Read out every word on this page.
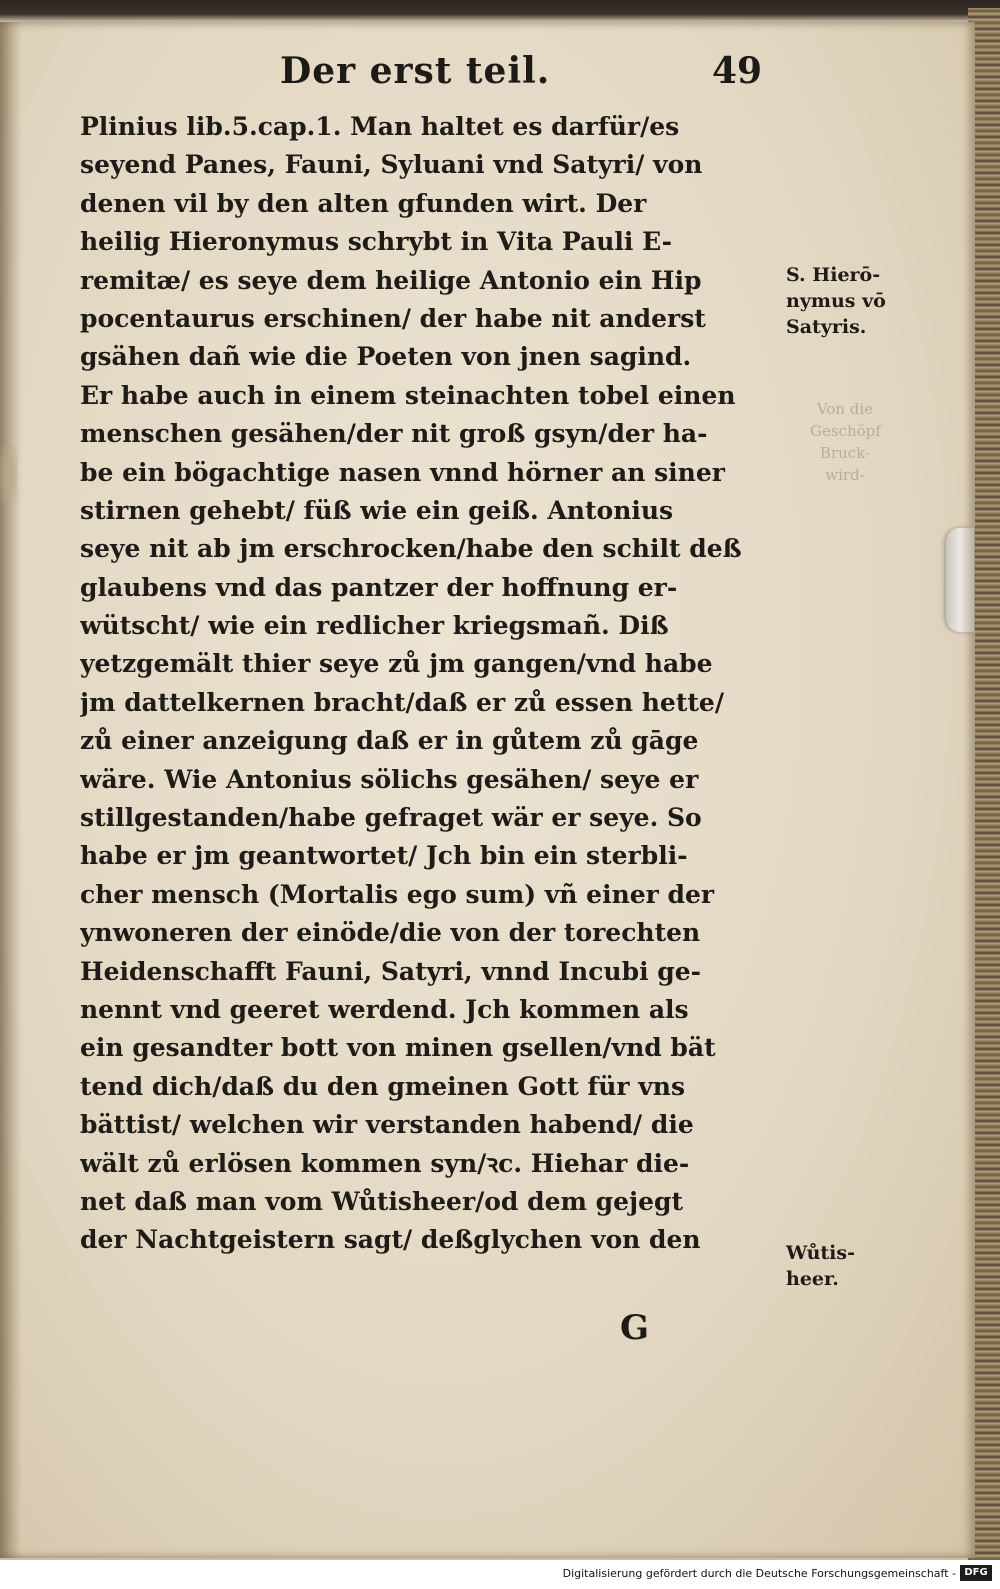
Der erst teil.	49
Plinius lib.5.cap.1. Man haltet es darfür/es
seyend Panes, Fauni, Syluani vnd Satyri/ von
denen vil by den alten gfunden wirt. Der
heilig Hieronymus schrybt in Vita Pauli E-
remitæ/ es seye dem heilige Antonio ein Hip
pocentaurus erschinen/ der habe nit anderst
gsähen dañ wie die Poeten von jnen sagind.
Er habe auch in einem steinachten tobel einen
menschen gesähen/der nit groß gsyn/der ha-
be ein bögachtige nasen vnnd hörner an siner
stirnen gehebt/ füß wie ein geiß. Antonius
seye nit ab jm erschrocken/habe den schilt deß
glaubens vnd das pantzer der hoffnung er-
wütscht/ wie ein redlicher kriegsmañ. Diß
yetzgemält thier seye zů jm gangen/vnd habe
jm dattelkernen bracht/daß er zů essen hette/
zů einer anzeigung daß er in gůtem zů gāge
wäre. Wie Antonius sölichs gesähen/ seye er
stillgestanden/habe gefraget wär er seye. So
habe er jm geantwortet/ Jch bin ein sterbli-
cher mensch (Mortalis ego sum) vñ einer der
ynwoneren der einöde/die von der torechten
Heidenschafft Fauni, Satyri, vnnd Incubi ge-
nennt vnd geeret werdend. Jch kommen als
ein gesandter bott von minen gsellen/vnd bät
tend dich/daß du den gmeinen Gott für vns
bättist/ welchen wir verstanden habend/ die
wält zů erlösen kommen syn/ꝛc. Hiehar die-
net daß man vom Wůtisheer/od dem gejegt
der Nachtgeistern sagt/ deßglychen von den
G
S. Hierō-
nymus vō
Satyris.
Von die
Geschöpf
Bruck-
wird-
Wůtis-
heer.
Digitalisierung gefördert durch die Deutsche Forschungsgemeinschaft - DFG
